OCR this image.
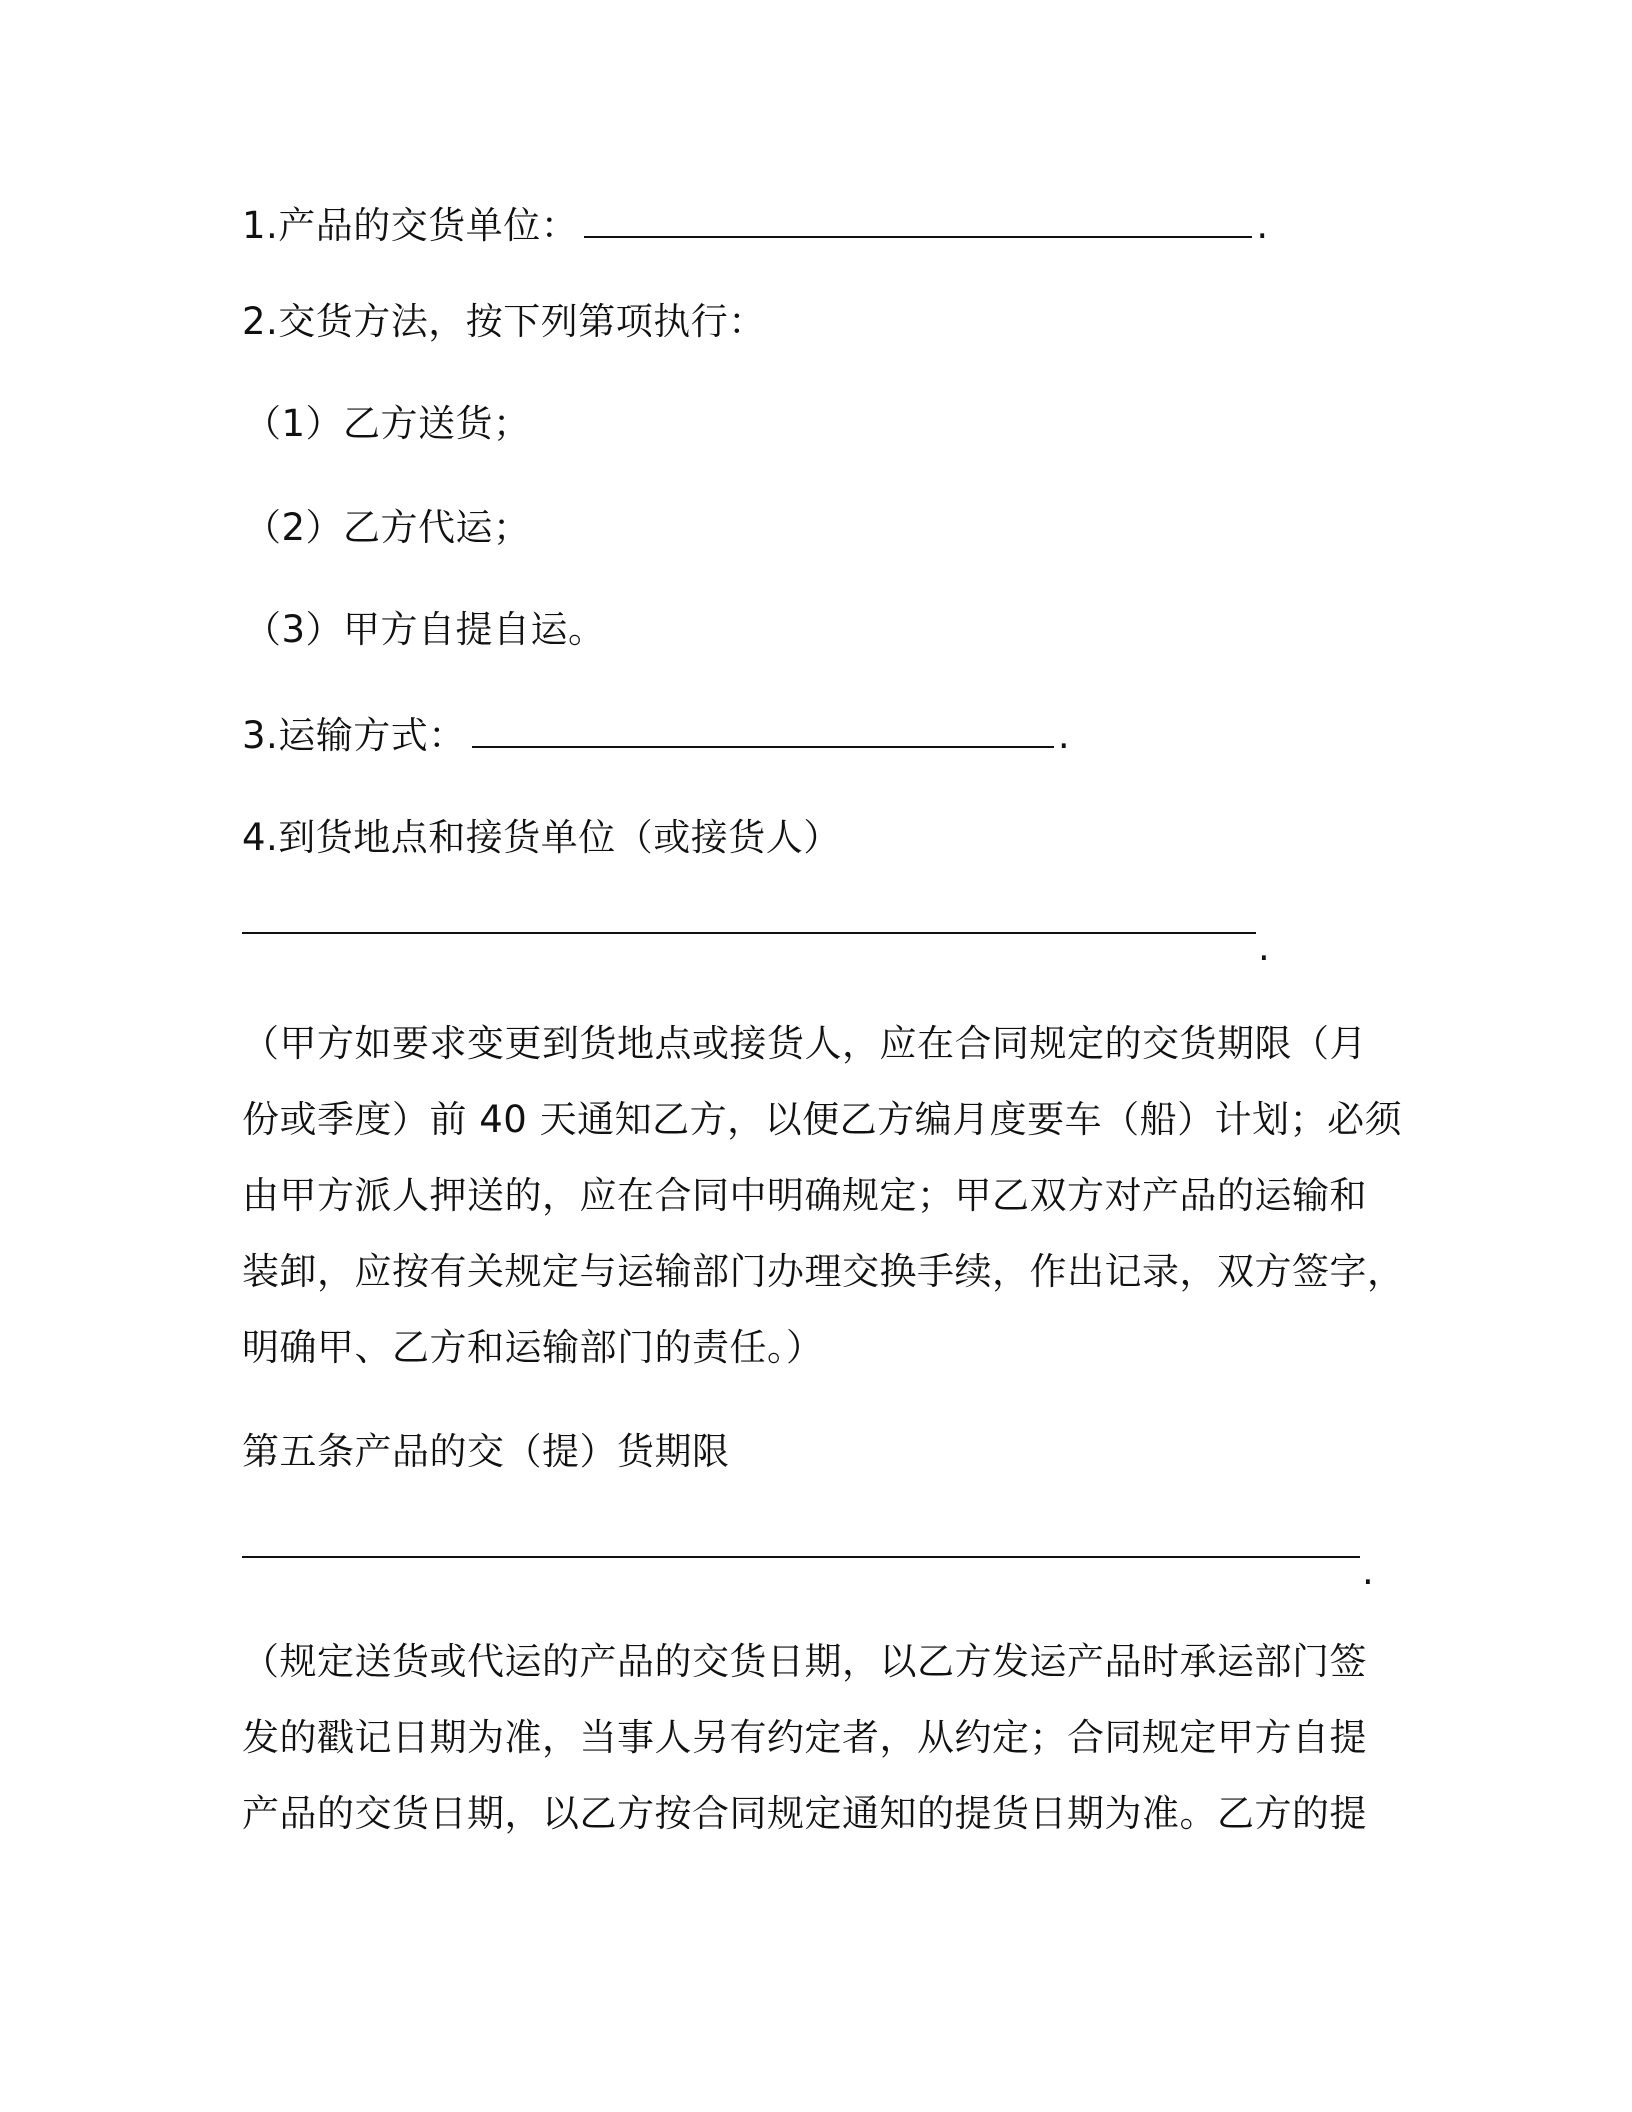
1.产品的交货单位：	.
2.交货方法，按下列第项执行：
（1）乙方送货；
（2）乙方代运；
（3）甲方自提自运。
3.运输方式：	.
4.到货地点和接货单位（或接货人）
.
（甲方如要求变更到货地点或接货人，应在合同规定的交货期限（月
份或季度）前 40 天通知乙方，以便乙方编月度要车（船）计划；必须
由甲方派人押送的，应在合同中明确规定；甲乙双方对产品的运输和
装卸，应按有关规定与运输部门办理交换手续，作出记录，双方签字，
明确甲、乙方和运输部门的责任。）
第五条产品的交（提）货期限
.
（规定送货或代运的产品的交货日期，以乙方发运产品时承运部门签
发的戳记日期为准，当事人另有约定者，从约定；合同规定甲方自提
产品的交货日期，以乙方按合同规定通知的提货日期为准。乙方的提
